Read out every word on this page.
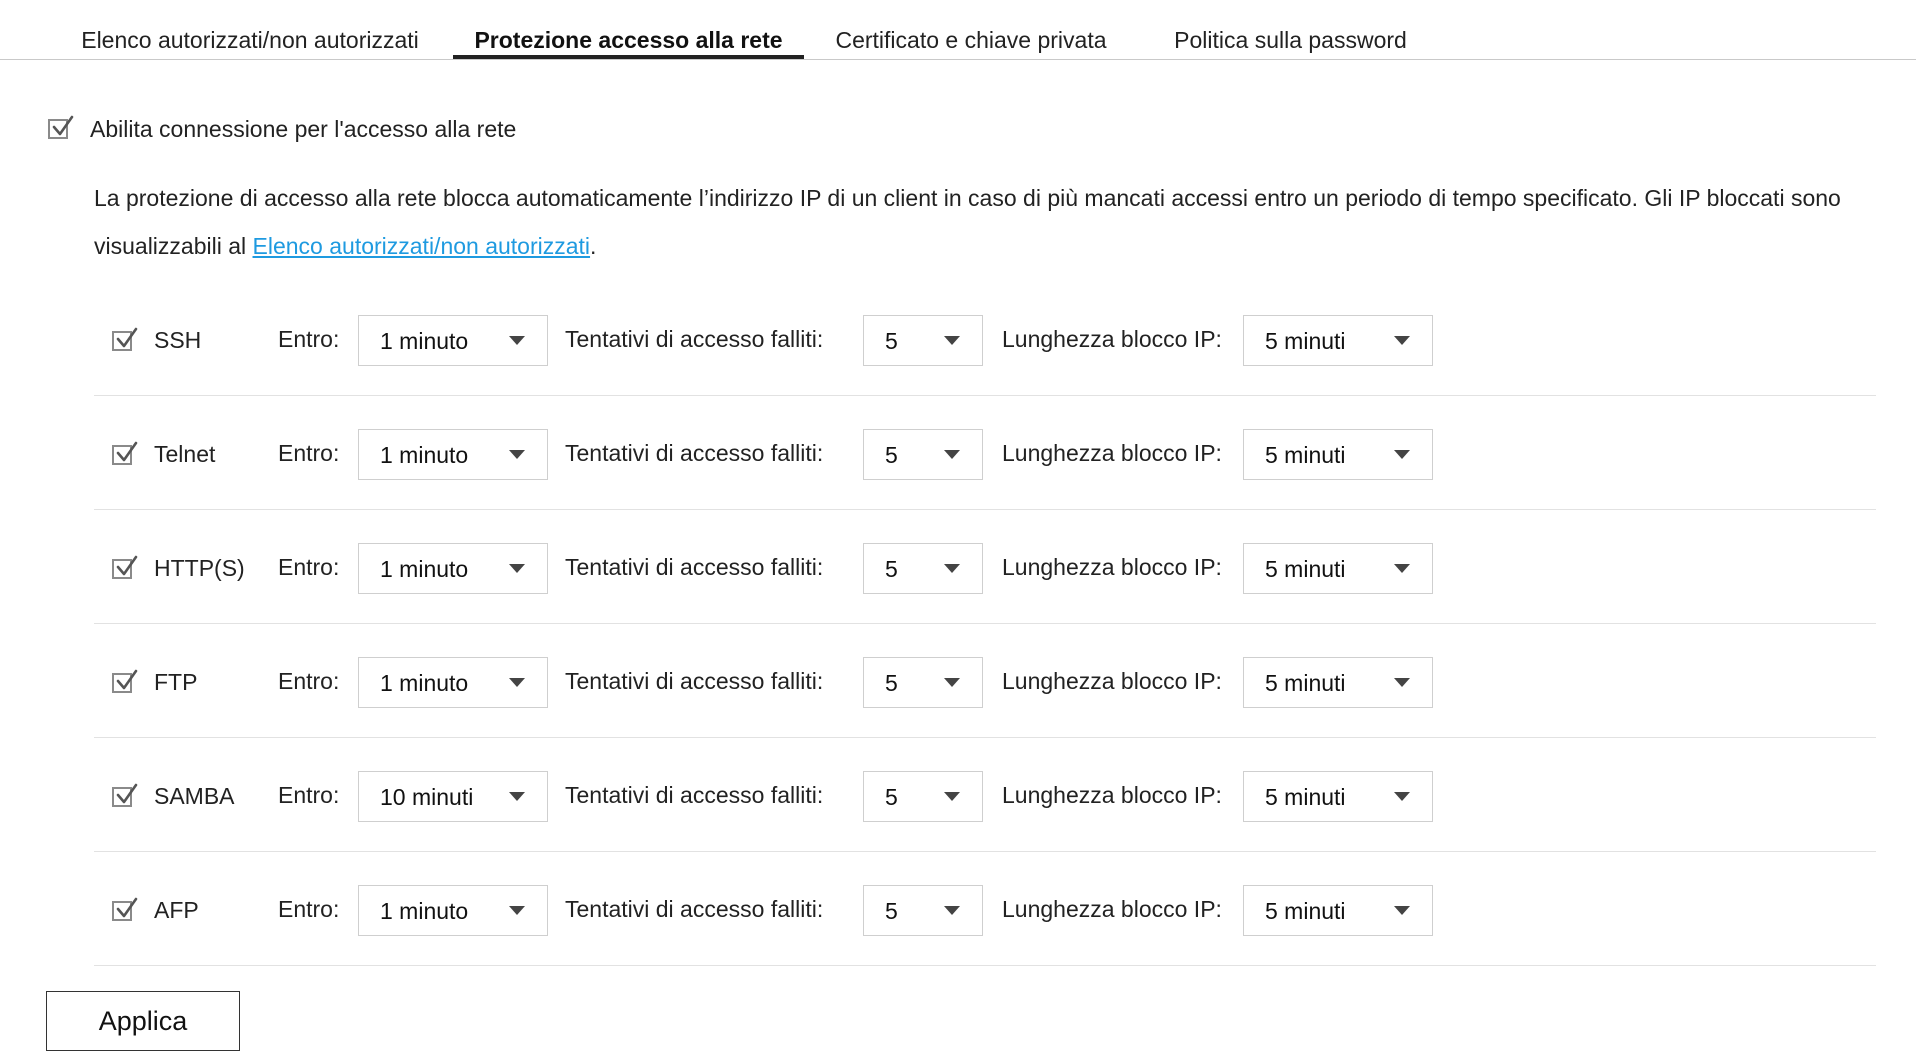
Elenco autorizzati/non autorizzati	Protezione accesso alla rete	Certificato e chiave privata	Politica sulla password
Abilita connessione per l'accesso alla rete
La protezione di accesso alla rete blocca automaticamente l’indirizzo IP di un client in caso di più mancati accessi entro un periodo di tempo specificato. Gli IP bloccati sono visualizzabili al Elenco autorizzati/non autorizzati.
SSH	Entro: 1 minuto	Tentativi di accesso falliti:	5	Lunghezza blocco IP: 5 minuti
Telnet	Entro: 1 minuto	Tentativi di accesso falliti:	5	Lunghezza blocco IP: 5 minuti
HTTP(S) Entro: 1 minuto	Tentativi di accesso falliti:	5	Lunghezza blocco IP: 5 minuti
FTP	Entro: 1 minuto	Tentativi di accesso falliti:	5	Lunghezza blocco IP: 5 minuti
SAMBA Entro: 10 minuti	Tentativi di accesso falliti:	5	Lunghezza blocco IP: 5 minuti
AFP	Entro: 1 minuto	Tentativi di accesso falliti:	5	Lunghezza blocco IP: 5 minuti
Applica
